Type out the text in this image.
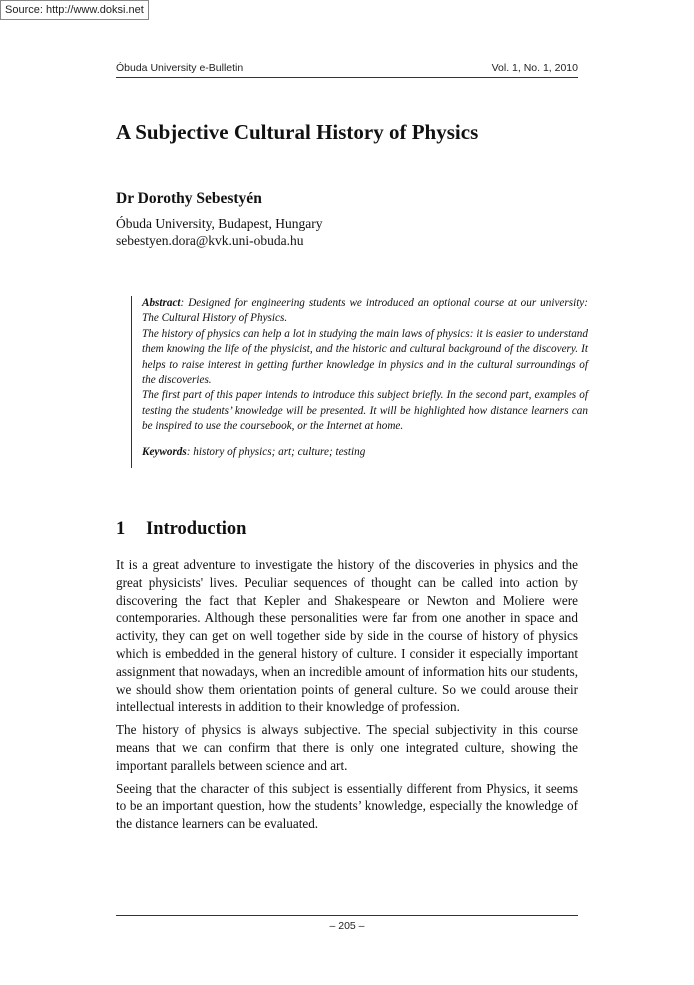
Source: http://www.doksi.net
Óbuda University e-Bulletin	Vol. 1, No. 1, 2010
A Subjective Cultural History of Physics
Dr Dorothy Sebestyén
Óbuda University, Budapest, Hungary
sebestyen.dora@kvk.uni-obuda.hu

Abstract: Designed for engineering students we introduced an optional course at our university: The Cultural History of Physics.

The history of physics can help a lot in studying the main laws of physics: it is easier to understand them knowing the life of the physicist, and the historic and cultural background of the discovery. It helps to raise interest in getting further knowledge in physics and in the cultural surroundings of the discoveries.

The first part of this paper intends to introduce this subject briefly. In the second part, examples of testing the students’ knowledge will be presented. It will be highlighted how distance learners can be inspired to use the coursebook, or the Internet at home.

Keywords: history of physics; art; culture; testing

1 Introduction

It is a great adventure to investigate the history of the discoveries in physics and the great physicists' lives. Peculiar sequences of thought can be called into action by discovering the fact that Kepler and Shakespeare or Newton and Moliere were contemporaries. Although these personalities were far from one another in space and activity, they can get on well together side by side in the course of history of physics which is embedded in the general history of culture. I consider it especially important assignment that nowadays, when an incredible amount of information hits our students, we should show them orientation points of general culture. So we could arouse their intellectual interests in addition to their knowledge of profession.

The history of physics is always subjective. The special subjectivity in this course means that we can confirm that there is only one integrated culture, showing the important parallels between science and art.

Seeing that the character of this subject is essentially different from Physics, it seems to be an important question, how the students’ knowledge, especially the knowledge of the distance learners can be evaluated.

– 205 –
